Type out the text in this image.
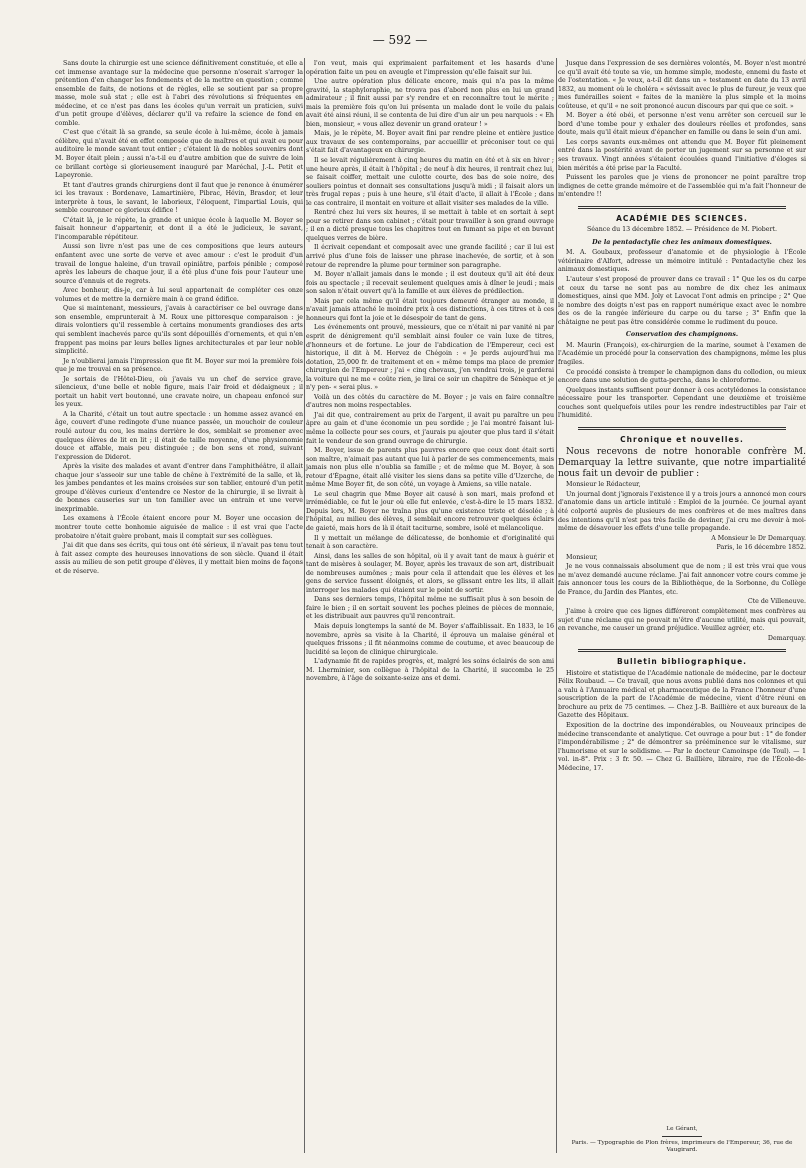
— 592 —

Sans doute la chirurgie est une science définitivement constituée, et elle a cet immense avantage sur la médecine que personne n'oserait s'arroger la prétention d'en changer les fondements et de la mettre en question ; comme ensemble de faits, de notions et de règles, elle se soutient par sa propre masse, mole suâ stat ; elle est à l'abri des révolutions si fréquentes en médecine, et ce n'est pas dans les écoles qu'un verrait un praticien, suivi d'un petit groupe d'élèves, déclarer qu'il va refaire la science de fond en comble.

C'est que c'était là sa grande, sa seule école à lui-même, école à jamais célèbre, qui n'avait été en effet composée que de maîtres et qui avait eu pour auditoire le monde savant tout entier ; c'étaient là de nobles souvenirs dont M. Boyer était plein ; aussi n'a-t-il eu d'autre ambition que de suivre de loin ce brillant cortège si glorieusement inauguré par Maréchal, J.-L. Petit et Lapeyronie.

Et tant d'autres grands chirurgiens dont il faut que je renonce à énumérer ici les travaux : Bordenave, Lamartinière, Pibrac, Hévin, Brasdor, et leur interprète à tous, le savant, le laborieux, l'éloquent, l'impartial Louis, qui semble couronner ce glorieux édifice !

C'était là, je le répète, la grande et unique école à laquelle M. Boyer se faisait honneur d'appartenir, et dont il a été le judicieux, le savant, l'incomparable répétiteur.

Aussi son livre n'est pas une de ces compositions que leurs auteurs enfantent avec une sorte de verve et avec amour : c'est le produit d'un travail de longue haleine, d'un travail opiniâtre, parfois pénible ; composé après les labeurs de chaque jour, il a été plus d'une fois pour l'auteur une source d'ennuis et de regrets.

Avec bonheur, dis-je, car à lui seul appartenait de compléter ces onze volumes et de mettre la dernière main à ce grand édifice.

Que si maintenant, messieurs, j'avais à caractériser ce bel ouvrage dans son ensemble, emprunterait à M. Roux une pittoresque comparaison : je dirais volontiers qu'il ressemble à certains monuments grandioses des arts qui semblent inachevés parce qu'ils sont dépouillés d'ornements, et qui n'en frappent pas moins par leurs belles lignes architecturales et par leur noble simplicité.

Je n'oublierai jamais l'impression que fit M. Boyer sur moi la première fois que je me trouvai en sa présence.

Je sortais de l'Hôtel-Dieu, où j'avais vu un chef de service grave, silencieux, d'une belle et noble figure, mais l'air froid et dédaigneux ; il portait un habit vert boutonné, une cravate noire, un chapeau enfoncé sur les yeux.

A la Charité, c'était un tout autre spectacle : un homme assez avancé en âge, couvert d'une redingote d'une nuance passée, un mouchoir de couleur roulé autour du cou, les mains derrière le dos, semblait se promener avec quelques élèves de lit en lit ; il était de taille moyenne, d'une physionomie douce et affable, mais peu distinguée ; de bon sens et rond, suivant l'expression de Diderot.

Après la visite des malades et avant d'entrer dans l'amphithéâtre, il allait chaque jour s'asseoir sur une table de chêne à l'extrémité de la salle, et là, les jambes pendantes et les mains croisées sur son tablier, entouré d'un petit groupe d'élèves curieux d'entendre ce Nestor de la chirurgie, il se livrait à de bonnes causeries sur un ton familier avec un entrain et une verve inexprimable.

Les examens à l'École étaient encore pour M. Boyer une occasion de montrer toute cette bonhomie aiguisée de malice : il est vrai que l'acte probatoire n'était guère probant, mais il comptait sur ses collègues.

J'ai dit que dans ses écrits, qui tous ont été sérieux, il n'avait pas tenu tout à fait assez compte des heureuses innovations de son siècle. Quand il était assis au milieu de son petit groupe d'élèves, il y mettait bien moins de façons et de réserve.

l'on veut, mais qui exprimaient parfaitement et les hasards d'une opération faite un peu en aveugle et l'impression qu'elle faisait sur lui.

Une autre opération plus délicate encore, mais qui n'a pas la même gravité, la staphyloraphie, ne trouva pas d'abord non plus en lui un grand admirateur ; il finit aussi par s'y rendre et en reconnaître tout le mérite ; mais la première fois qu'on lui présenta un malade dont le voile du palais avait été ainsi réuni, il se contenta de lui dire d'un air un peu narquois : « Eh bien, monsieur, « vous allez devenir un grand orateur ! »

Mais, je le répète, M. Boyer avait fini par rendre pleine et entière justice aux travaux de ses contemporains, par accueillir et préconiser tout ce qui s'était fait d'avantageux en chirurgie.

Il se levait régulièrement à cinq heures du matin en été et à six en hiver ; une heure après, il était à l'hôpital ; de neuf à dix heures, il rentrait chez lui, se faisait coiffer, mettait une culotte courte, des bas de soie noire, des souliers pointus et donnait ses consultations jusqu'à midi ; il faisait alors un très frugal repas ; puis à une heure, s'il était d'acte, il allait à l'École ; dans le cas contraire, il montait en voiture et allait visiter ses malades de la ville.

Rentré chez lui vers six heures, il se mettait à table et en sortait à sept pour se retirer dans son cabinet ; c'était pour travailler à son grand ouvrage ; il en a dicté presque tous les chapitres tout en fumant sa pipe et en buvant quelques verres de bière.

Il écrivait cependant et composait avec une grande facilité ; car il lui est arrivé plus d'une fois de laisser une phrase inachevée, de sortir, et à son retour de reprendre la plume pour terminer son paragraphe.

M. Boyer n'allait jamais dans le monde ; il est douteux qu'il ait été deux fois au spectacle ; il recevait seulement quelques amis à dîner le jeudi ; mais son salon n'était ouvert qu'à la famille et aux élèves de prédilection.

Mais par cela même qu'il était toujours demeuré étranger au monde, il n'avait jamais attaché le moindre prix à ces distinctions, à ces titres et à ces honneurs qui font la joie et le désespoir de tant de gens.

Les événements ont prouvé, messieurs, que ce n'était ni par vanité ni par esprit de dénigrement qu'il semblait ainsi fouler ce vain luxe de titres, d'honneurs et de fortune. Le jour de l'abdication de l'Empereur, ceci est historique, il dit à M. Hervez de Chégoin : « Je perds aujourd'hui ma dotation, 25,000 fr. de traitement et en « même temps ma place de premier chirurgien de l'Empereur ; j'ai « cinq chevaux, j'en vendrai trois, je garderai la voiture qui ne me « coûte rien, je lirai ce soir un chapitre de Sénèque et je n'y pen- « serai plus. »

Voilà un des côtés du caractère de M. Boyer ; je vais en faire connaître d'autres non moins respectables.

J'ai dit que, contrairement au prix de l'argent, il avait pu paraître un peu âpre au gain et d'une économie un peu sordide ; je l'ai montré faisant lui-même la collecte pour ses cours, et j'aurais pu ajouter que plus tard il s'était fait le vendeur de son grand ouvrage de chirurgie.

M. Boyer, issue de parents plus pauvres encore que ceux dont était sorti son maître, n'aimait pas autant que lui à parler de ses commencements, mais jamais non plus elle n'oublia sa famille ; et de même que M. Boyer, à son retour d'Épagne, était allé visiter les siens dans sa petite ville d'Uzerche, de même Mme Boyer fit, de son côté, un voyage à Amiens, sa ville natale.

Le seul chagrin que Mme Boyer ait causé à son mari, mais profond et irrémédiable, ce fut le jour où elle fut enlevée, c'est-à-dire le 15 mars 1832. Depuis lors, M. Boyer ne traîna plus qu'une existence triste et désolée ; à l'hôpital, au milieu des élèves, il semblait encore retrouver quelques éclairs de gaieté, mais hors de là il était taciturne, sombre, isolé et mélancolique.

Il y mettait un mélange de délicatesse, de bonhomie et d'originalité qui tenait à son caractère.

Ainsi, dans les salles de son hôpital, où il y avait tant de maux à guérir et tant de misères à soulager, M. Boyer, après les travaux de son art, distribuait de nombreuses aumônes ; mais pour cela il attendait que les élèves et les gens de service fussent éloignés, et alors, se glissant entre les lits, il allait interroger les malades qui étaient sur le point de sortir.

Dans ses derniers temps, l'hôpital même ne suffisait plus à son besoin de faire le bien ; il en sortait souvent les poches pleines de pièces de monnaie, et les distribuait aux pauvres qu'il rencontrait.

Mais depuis longtemps la santé de M. Boyer s'affaiblissait. En 1833, le 16 novembre, après sa visite à la Charité, il éprouva un malaise général et quelques frissons ; il fit néanmoins comme de coutume, et avec beaucoup de lucidité sa leçon de clinique chirurgicale.

L'adynamie fit de rapides progrès, et, malgré les soins éclairés de son ami M. Lherminier, son collègue à l'hôpital de la Charité, il succomba le 25 novembre, à l'âge de soixante-seize ans et demi.

Jusque dans l'expression de ses dernières volontés, M. Boyer n'est montré ce qu'il avait été toute sa vie, un homme simple, modeste, ennemi du faste et de l'ostentation. « Je veux, a-t-il dit dans un « testament en date du 13 avril 1832, au moment où le choléra « sévissait avec le plus de fureur, je veux que mes funérailles soient « faites de la manière la plus simple et la moins coûteuse, et qu'il « ne soit prononcé aucun discours par qui que ce soit. »

M. Boyer a été obéi, et personne n'est venu arrêter son cercueil sur le bord d'une tombe pour y exhaler des douleurs réelles et profondes, sans doute, mais qu'il était mieux d'épancher en famille ou dans le sein d'un ami.

Les corps savants eux-mêmes ont attendu que M. Boyer fût pleinement entré dans la postérité avant de porter un jugement sur sa personne et sur ses travaux. Vingt années s'étaient écoulées quand l'initiative d'éloges si bien mérités a été prise par la Faculté.

Puissent les paroles que je viens de prononcer ne point paraître trop indignes de cette grande mémoire et de l'assemblée qui m'a fait l'honneur de m'entendre !!

ACADÉMIE DES SCIENCES.
Séance du 13 décembre 1852. — Présidence de M. Piobert.
De la pentadactylie chez les animaux domestiques.

M. A. Goubaux, professeur d'anatomie et de physiologie à l'École vétérinaire d'Alfort, adresse un mémoire intitulé : Pentadactylie chez les animaux domestiques.

L'auteur s'est proposé de prouver dans ce travail : 1° Que les os du carpe et ceux du tarse ne sont pas au nombre de dix chez les animaux domestiques, ainsi que MM. Joly et Lavocat l'ont admis en principe ; 2° Que le nombre des doigts n'est pas en rapport numérique exact avec le nombre des os de la rangée inférieure du carpe ou du tarse ; 3° Enfin que la châtaigne ne peut pas être considérée comme le rudiment du pouce.

Conservation des champignons.

M. Maurin (François), ex-chirurgien de la marine, soumet à l'examen de l'Académie un procédé pour la conservation des champignons, même les plus fragiles.

Ce procédé consiste à tremper le champignon dans du collodion, ou mieux encore dans une solution de gutta-percha, dans le chloroforme.

Quelques instants suffisent pour donner à ces acotylédones la consistance nécessaire pour les transporter. Cependant une deuxième et troisième couches sont quelquefois utiles pour les rendre indestructibles par l'air et l'humidité.

Chronique et nouvelles.

Nous recevons de notre honorable confrère M. Demarquay la lettre suivante, que notre impartialité nous fait un devoir de publier :

Monsieur le Rédacteur,

Un journal dont j'ignorais l'existence il y a trois jours a annoncé mon cours d'anatomie dans un article intitulé : Emploi de la journée. Ce journal ayant été colporté auprès de plusieurs de mes confrères et de mes maîtres dans des intentions qu'il n'est pas très facile de deviner, j'ai cru me devoir à moi-même de désavouer les effets d'une telle propagande.

A Monsieur le Dr Demarquay.

Paris, le 16 décembre 1852.

Monsieur,

Je ne vous connaissais absolument que de nom ; il est très vrai que vous ne m'avez demandé aucune réclame. J'ai fait annoncer votre cours comme je fais annoncer tous les cours de la Bibliothèque, de la Sorbonne, du Collège de France, du Jardin des Plantes, etc.

Cte de Villeneuve.

J'aime à croire que ces lignes différeront complètement mes confrères au sujet d'une réclame qui ne pouvait m'être d'aucune utilité, mais qui pouvait, en revanche, me causer un grand préjudice. Veuillez agréer, etc.

Demarquay.

Bulletin bibliographique.

Histoire et statistique de l'Académie nationale de médecine, par le docteur Félix Roubaud. — Ce travail, que nous avons publié dans nos colonnes et qui a valu à l'Annuaire médical et pharmaceutique de la France l'honneur d'une souscription de la part de l'Académie de médecine, vient d'être réuni en brochure au prix de 75 centimes. — Chez J.-B. Baillière et aux bureaux de la Gazette des Hôpitaux.

Exposition de la doctrine des impondérables, ou Nouveaux principes de médecine transcendante et analytique. Cet ouvrage a pour but : 1° de fonder l'impondérabilisme ; 2° de démontrer sa prééminence sur le vitalisme, sur l'humorisme et sur le solidisme. — Par le docteur Camoinspe (de Toul). — 1 vol. in-8°. Prix : 3 fr. 50. — Chez G. Baillière, libraire, rue de l'École-de-Médecine, 17.

Le Gérant,
Paris. — Typographie de Plon frères, imprimeurs de l'Empereur, 36, rue de Vaugirard.
